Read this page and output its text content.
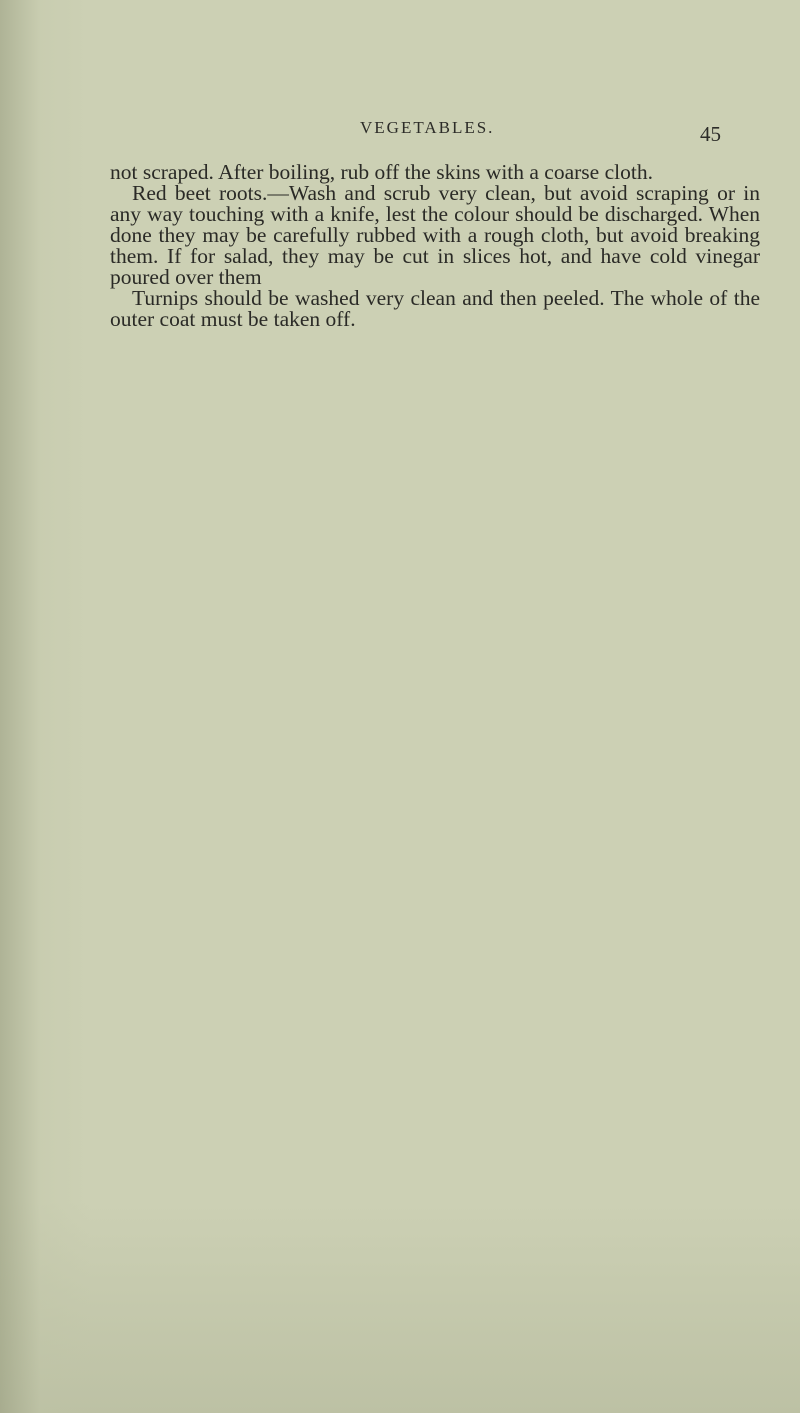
VEGETABLES.	45

not scraped. After boiling, rub off the skins with a coarse cloth.

Red beet roots.—Wash and scrub very clean, but avoid scraping or in any way touching with a knife, lest the colour should be discharged. When done they may be carefully rubbed with a rough cloth, but avoid breaking them. If for salad, they may be cut in slices hot, and have cold vinegar poured over them

Turnips should be washed very clean and then peeled. The whole of the outer coat must be taken off.
